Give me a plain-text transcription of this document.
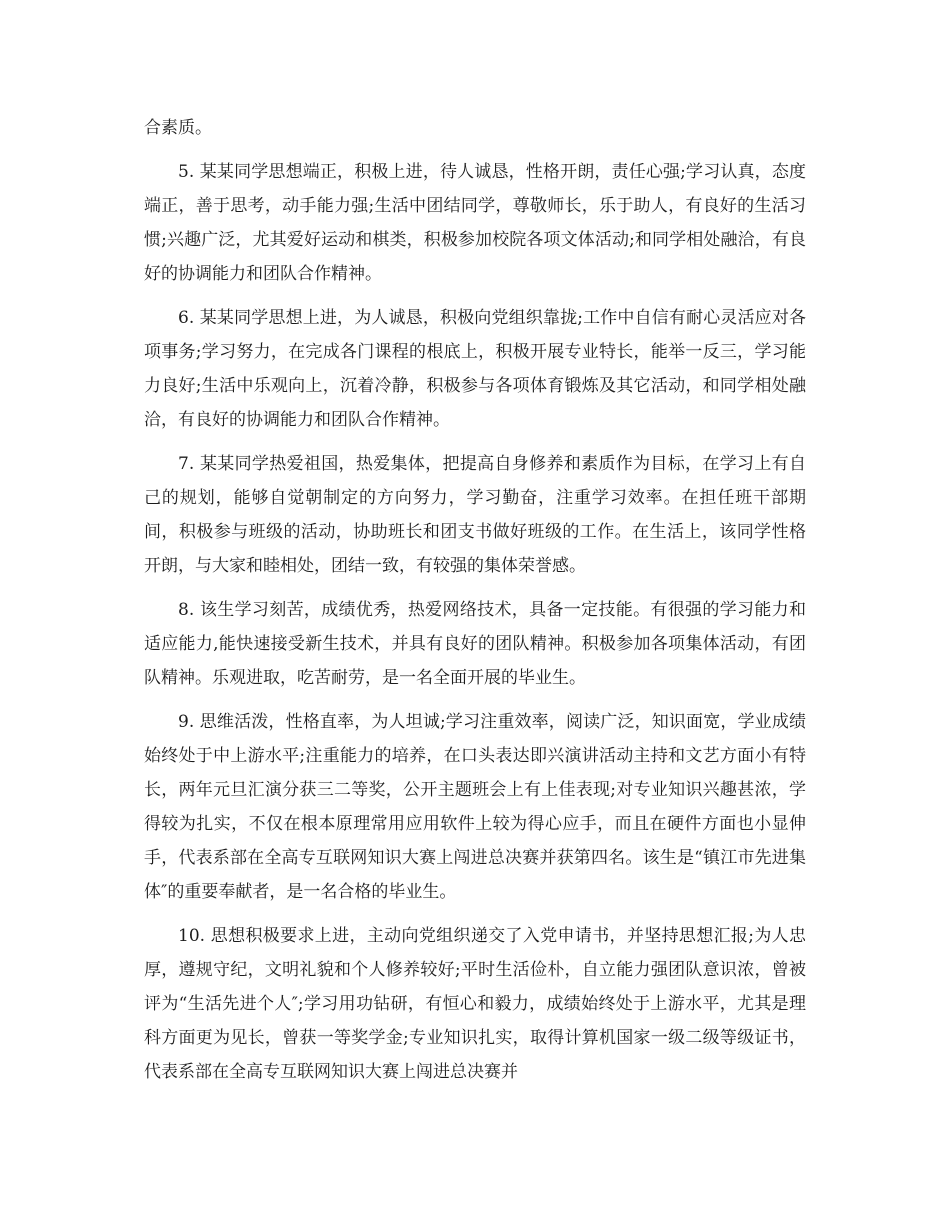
合素质。

5. 某某同学思想端正，积极上进，待人诚恳，性格开朗，责任心强;学习认真，态度端正，善于思考，动手能力强;生活中团结同学，尊敬师长，乐于助人，有良好的生活习惯;兴趣广泛，尤其爱好运动和棋类，积极参加校院各项文体活动;和同学相处融洽，有良好的协调能力和团队合作精神。

6. 某某同学思想上进，为人诚恳，积极向党组织靠拢;工作中自信有耐心灵活应对各项事务;学习努力，在完成各门课程的根底上，积极开展专业特长，能举一反三，学习能力良好;生活中乐观向上，沉着冷静，积极参与各项体育锻炼及其它活动，和同学相处融洽，有良好的协调能力和团队合作精神。

7. 某某同学热爱祖国，热爱集体，把提高自身修养和素质作为目标，在学习上有自己的规划，能够自觉朝制定的方向努力，学习勤奋，注重学习效率。在担任班干部期间，积极参与班级的活动，协助班长和团支书做好班级的工作。在生活上，该同学性格开朗，与大家和睦相处，团结一致，有较强的集体荣誉感。

8. 该生学习刻苦，成绩优秀，热爱网络技术，具备一定技能。有很强的学习能力和适应能力,能快速接受新生技术，并具有良好的团队精神。积极参加各项集体活动，有团队精神。乐观进取，吃苦耐劳，是一名全面开展的毕业生。

9. 思维活泼，性格直率，为人坦诚;学习注重效率，阅读广泛，知识面宽，学业成绩始终处于中上游水平;注重能力的培养，在口头表达即兴演讲活动主持和文艺方面小有特长，两年元旦汇演分获三二等奖，公开主题班会上有上佳表现;对专业知识兴趣甚浓，学得较为扎实，不仅在根本原理常用应用软件上较为得心应手，而且在硬件方面也小显伸手，代表系部在全高专互联网知识大赛上闯进总决赛并获第四名。该生是“镇江市先进集体″的重要奉献者，是一名合格的毕业生。

10. 思想积极要求上进，主动向党组织递交了入党申请书，并坚持思想汇报;为人忠厚，遵规守纪，文明礼貌和个人修养较好;平时生活俭朴，自立能力强团队意识浓，曾被评为“生活先进个人″;学习用功钻研，有恒心和毅力，成绩始终处于上游水平，尤其是理科方面更为见长，曾获一等奖学金;专业知识扎实，取得计算机国家一级二级等级证书，代表系部在全高专互联网知识大赛上闯进总决赛并
